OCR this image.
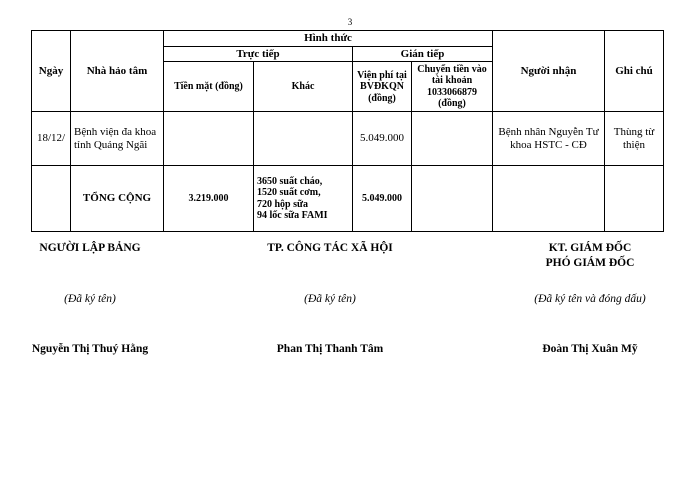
3
Ngày	Nhà hảo tâm	Hình thức				Người nhận	Ghi chú
		Trực tiếp		Gián tiếp			
		Tiền mặt (đồng)	Khác	Viện phí tại BVĐKQN (đồng)	Chuyển tiền vào tài khoản 1033066879 (đồng)		
18/12/	Bệnh viện đa khoa tỉnh Quảng Ngãi			5.049.000		Bệnh nhân Nguyễn Tư khoa HSTC - CĐ	Thùng từ thiện
	TỔNG CỘNG	3.219.000	3650 suất cháo,
1520 suất cơm,
720 hộp sữa
94 lốc sữa FAMI	5.049.000			
NGƯỜI LẬP BẢNG	TP. CÔNG TÁC XÃ HỘI	KT. GIÁM ĐỐC
PHÓ GIÁM ĐỐC
(Đã ký tên)	(Đã ký tên)	(Đã ký tên và đóng dấu)
Nguyễn Thị Thuý Hằng	Phan Thị Thanh Tâm	Đoàn Thị Xuân Mỹ
